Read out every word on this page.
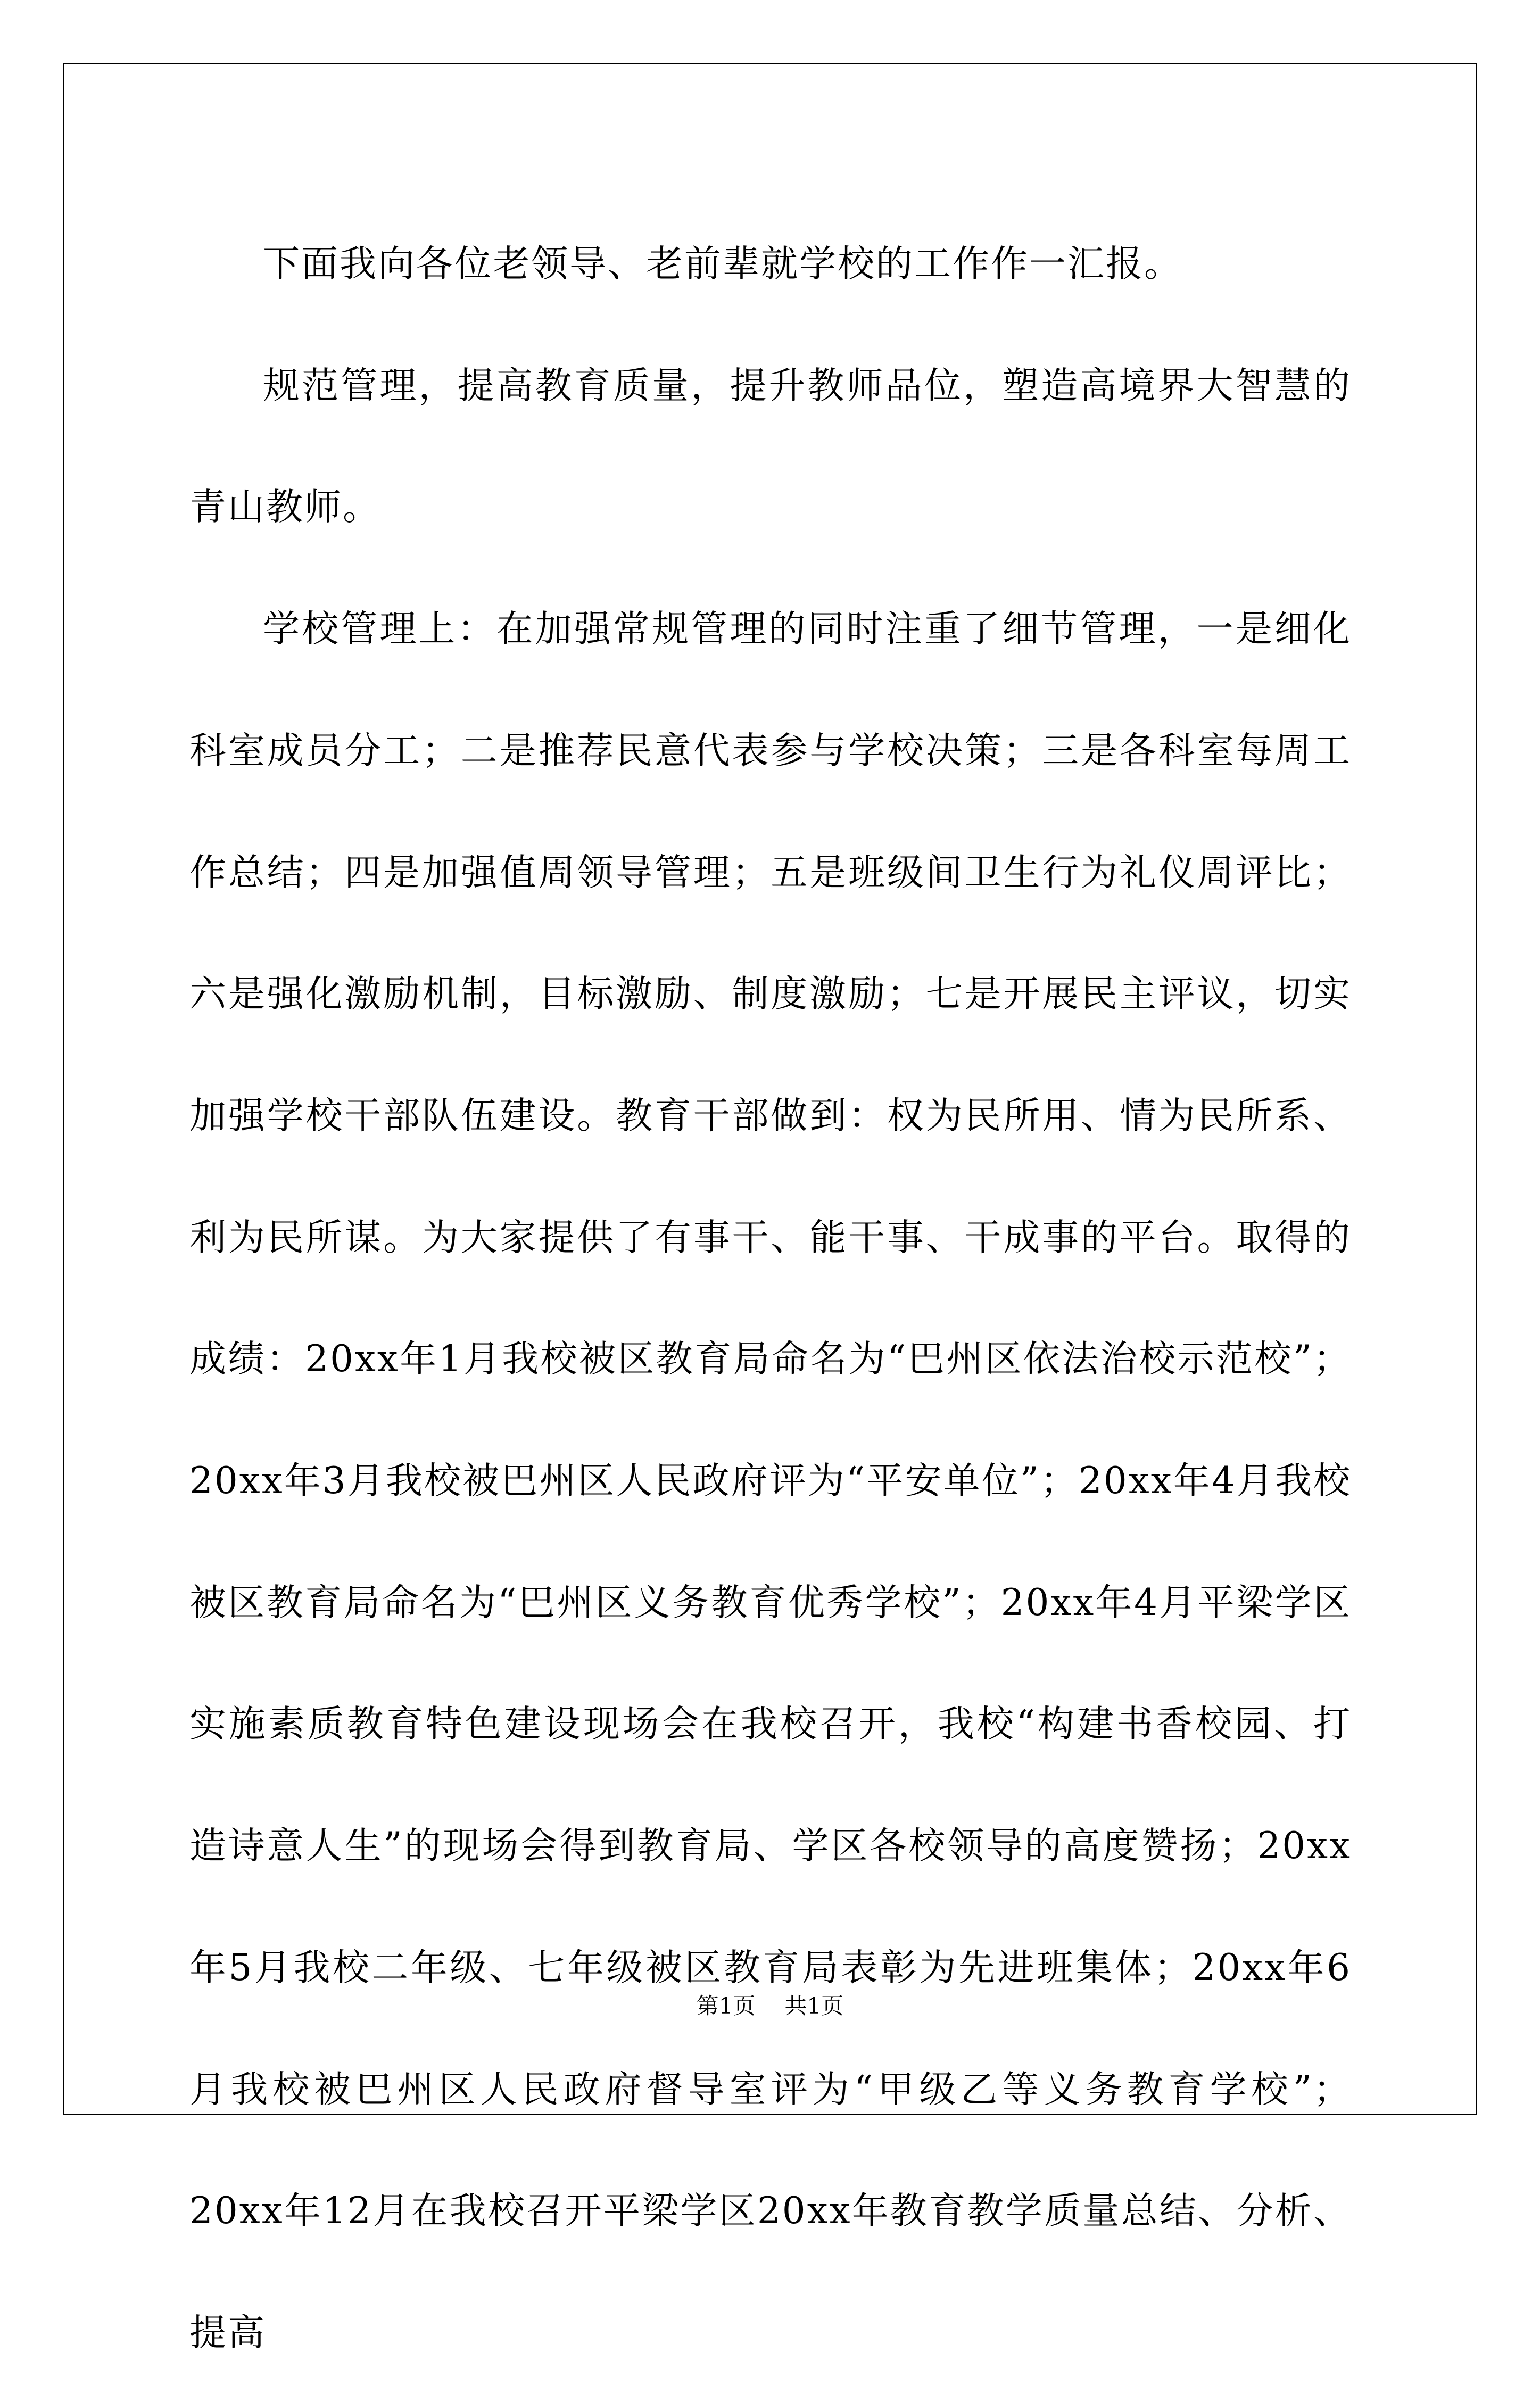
下面我向各位老领导、老前辈就学校的工作作一汇报。

规范管理，提高教育质量，提升教师品位，塑造高境界大智慧的青山教师。

学校管理上：在加强常规管理的同时注重了细节管理，一是细化科室成员分工；二是推荐民意代表参与学校决策；三是各科室每周工作总结；四是加强值周领导管理；五是班级间卫生行为礼仪周评比；六是强化激励机制，目标激励、制度激励；七是开展民主评议，切实加强学校干部队伍建设。教育干部做到：权为民所用、情为民所系、利为民所谋。为大家提供了有事干、能干事、干成事的平台。取得的成绩：20xx年1月我校被区教育局命名为“巴州区依法治校示范校”；20xx年3月我校被巴州区人民政府评为“平安单位”；20xx年4月我校被区教育局命名为“巴州区义务教育优秀学校”；20xx年4月平梁学区实施素质教育特色建设现场会在我校召开，我校“构建书香校园、打造诗意人生”的现场会得到教育局、学区各校领导的高度赞扬；20xx年5月我校二年级、七年级被区教育局表彰为先进班集体；20xx年6月我校被巴州区人民政府督导室评为“甲级乙等义务教育学校”；20xx年12月在我校召开平梁学区20xx年教育教学质量总结、分析、提高

第1页 共1页
